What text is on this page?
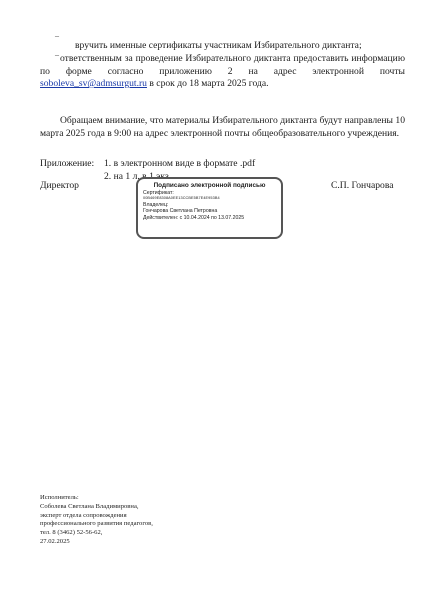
‒
вручить именные сертификаты участникам Избирательного диктанта;
‒ ответственным за проведение Избирательного диктанта предоставить информацию по форме согласно приложению 2 на адрес электронной почты soboleva_sv@admsurgut.ru в срок до 18 марта 2025 года.
Обращаем внимание, что материалы Избирательного диктанта будут направлены 10 марта 2025 года в 9:00 на адрес электронной почты общеобразовательного учреждения.
Приложение: 1. в электронном виде в формате .pdf
2. на 1 л. в 1 экз.
Директор	С.П. Гончарова
Подписано электронной подписью
Сертификат:
00B469E8308A0EE13CCBE5B7E4E953B4
Владелец:
Гончарова Светлана Петровна
Действителен: с 10.04.2024 по 13.07.2025
Исполнитель:
Соболева Светлана Владимировна,
эксперт отдела сопровождения
профессионального развития педагогов,
тел. 8 (3462) 52-56-62,
27.02.2025
